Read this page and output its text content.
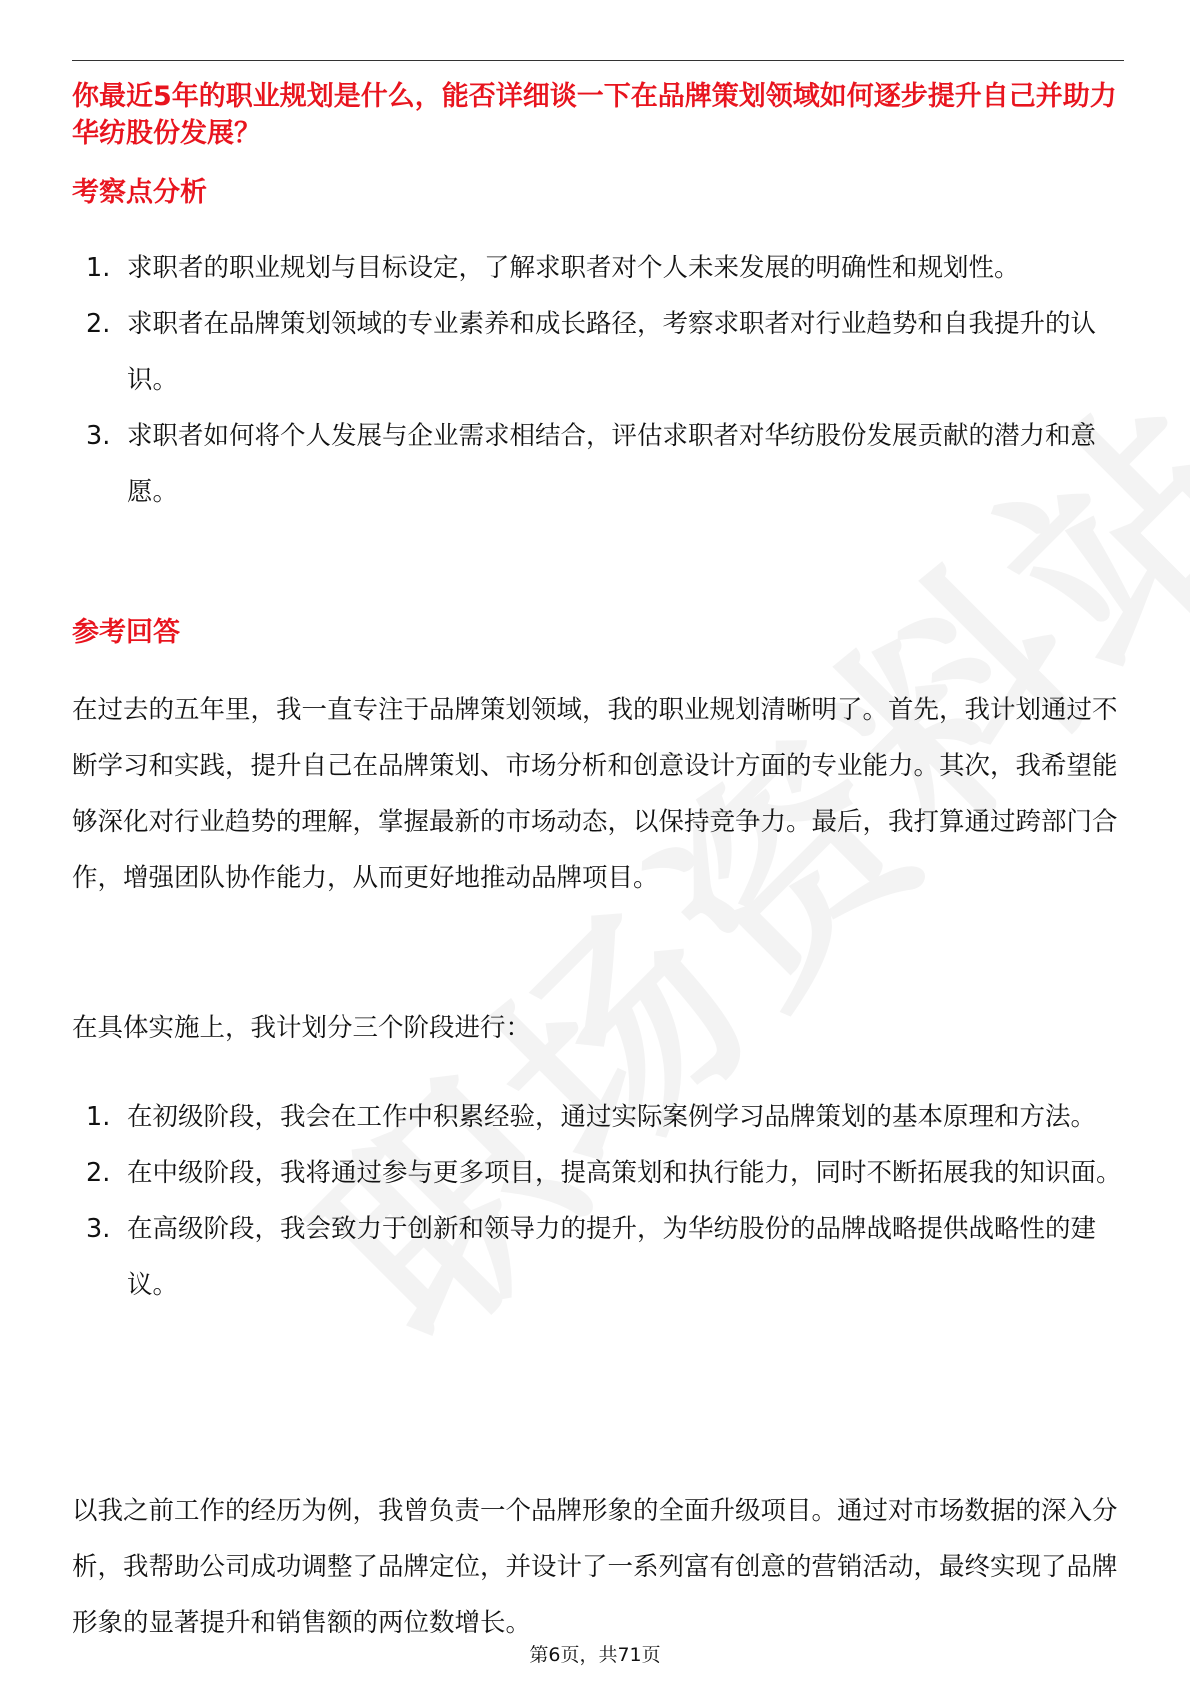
你最近5年的职业规划是什么，能否详细谈一下在品牌策划领域如何逐步提升自己并助力华纺股份发展？
考察点分析
1. 求职者的职业规划与目标设定，了解求职者对个人未来发展的明确性和规划性。
2. 求职者在品牌策划领域的专业素养和成长路径，考察求职者对行业趋势和自我提升的认识。
3. 求职者如何将个人发展与企业需求相结合，评估求职者对华纺股份发展贡献的潜力和意愿。
参考回答
在过去的五年里，我一直专注于品牌策划领域，我的职业规划清晰明了。首先，我计划通过不断学习和实践，提升自己在品牌策划、市场分析和创意设计方面的专业能力。其次，我希望能够深化对行业趋势的理解，掌握最新的市场动态，以保持竞争力。最后，我打算通过跨部门合作，增强团队协作能力，从而更好地推动品牌项目。
在具体实施上，我计划分三个阶段进行：
1. 在初级阶段，我会在工作中积累经验，通过实际案例学习品牌策划的基本原理和方法。
2. 在中级阶段，我将通过参与更多项目，提高策划和执行能力，同时不断拓展我的知识面。
3. 在高级阶段，我会致力于创新和领导力的提升，为华纺股份的品牌战略提供战略性的建议。
以我之前工作的经历为例，我曾负责一个品牌形象的全面升级项目。通过对市场数据的深入分析，我帮助公司成功调整了品牌定位，并设计了一系列富有创意的营销活动，最终实现了品牌形象的显著提升和销售额的两位数增长。
第6页，共71页
